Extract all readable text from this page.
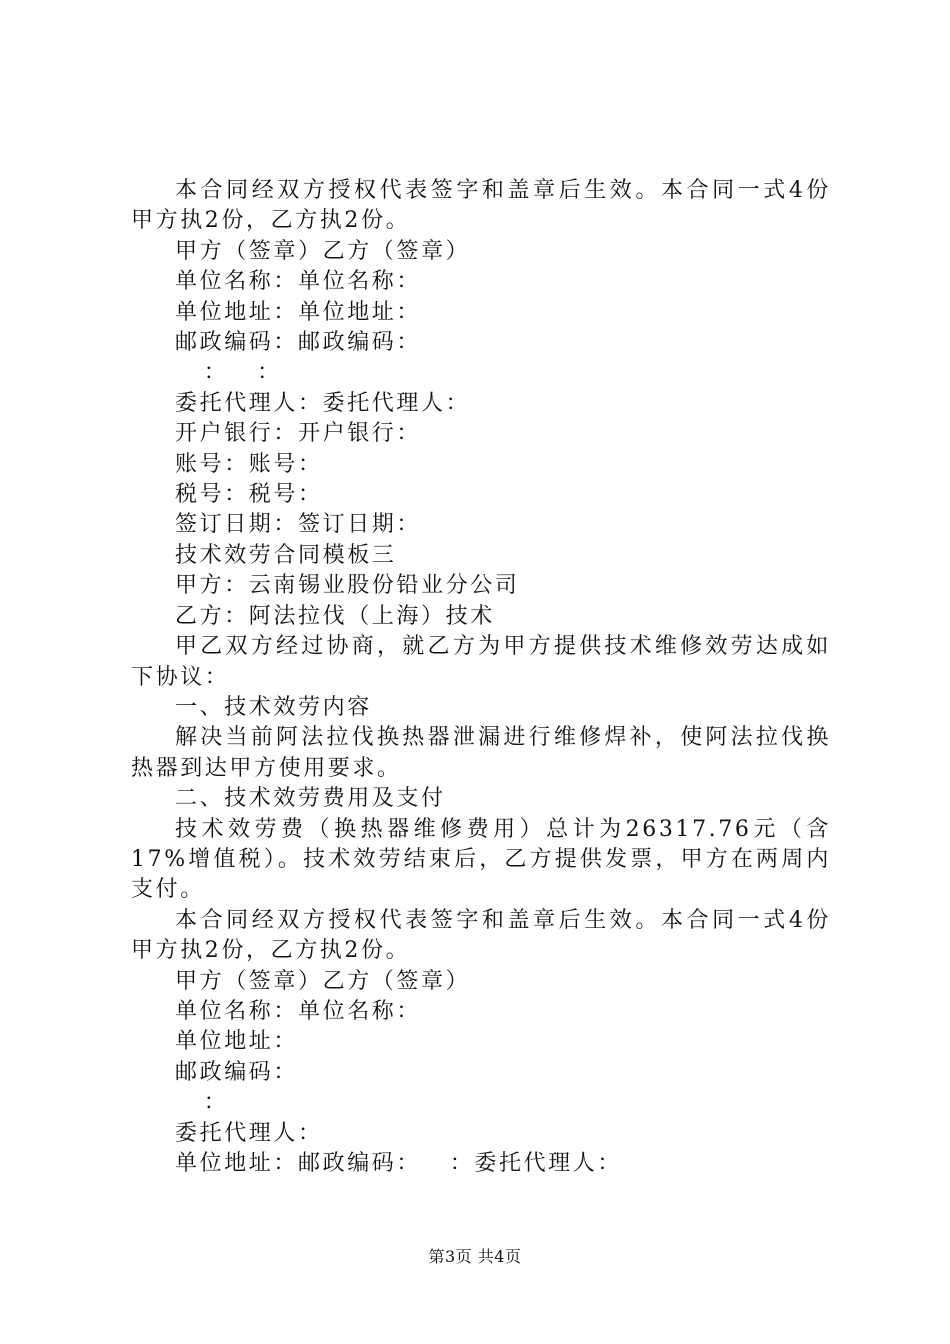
本合同经双方授权代表签字和盖章后生效。本合同一式4份甲方执2份，乙方执2份。

甲方（签章）乙方（签章）

单位名称：单位名称：

单位地址：单位地址：

邮政编码：邮政编码：

：   ：

委托代理人：委托代理人：

开户银行：开户银行：

账号：账号：

税号：税号：

签订日期：签订日期：

技术效劳合同模板三

甲方：云南锡业股份铅业分公司

乙方：阿法拉伐（上海）技术

甲乙双方经过协商，就乙方为甲方提供技术维修效劳达成如下协议：

一、技术效劳内容

解决当前阿法拉伐换热器泄漏进行维修焊补，使阿法拉伐换热器到达甲方使用要求。

二、技术效劳费用及支付

技术效劳费（换热器维修费用）总计为26317.76元（含17%增值税）。技术效劳结束后，乙方提供发票，甲方在两周内支付。

本合同经双方授权代表签字和盖章后生效。本合同一式4份甲方执2份，乙方执2份。

甲方（签章）乙方（签章）

单位名称：单位名称：

单位地址：

邮政编码：

：

委托代理人：

单位地址：邮政编码：   ：委托代理人：

第3页 共4页
